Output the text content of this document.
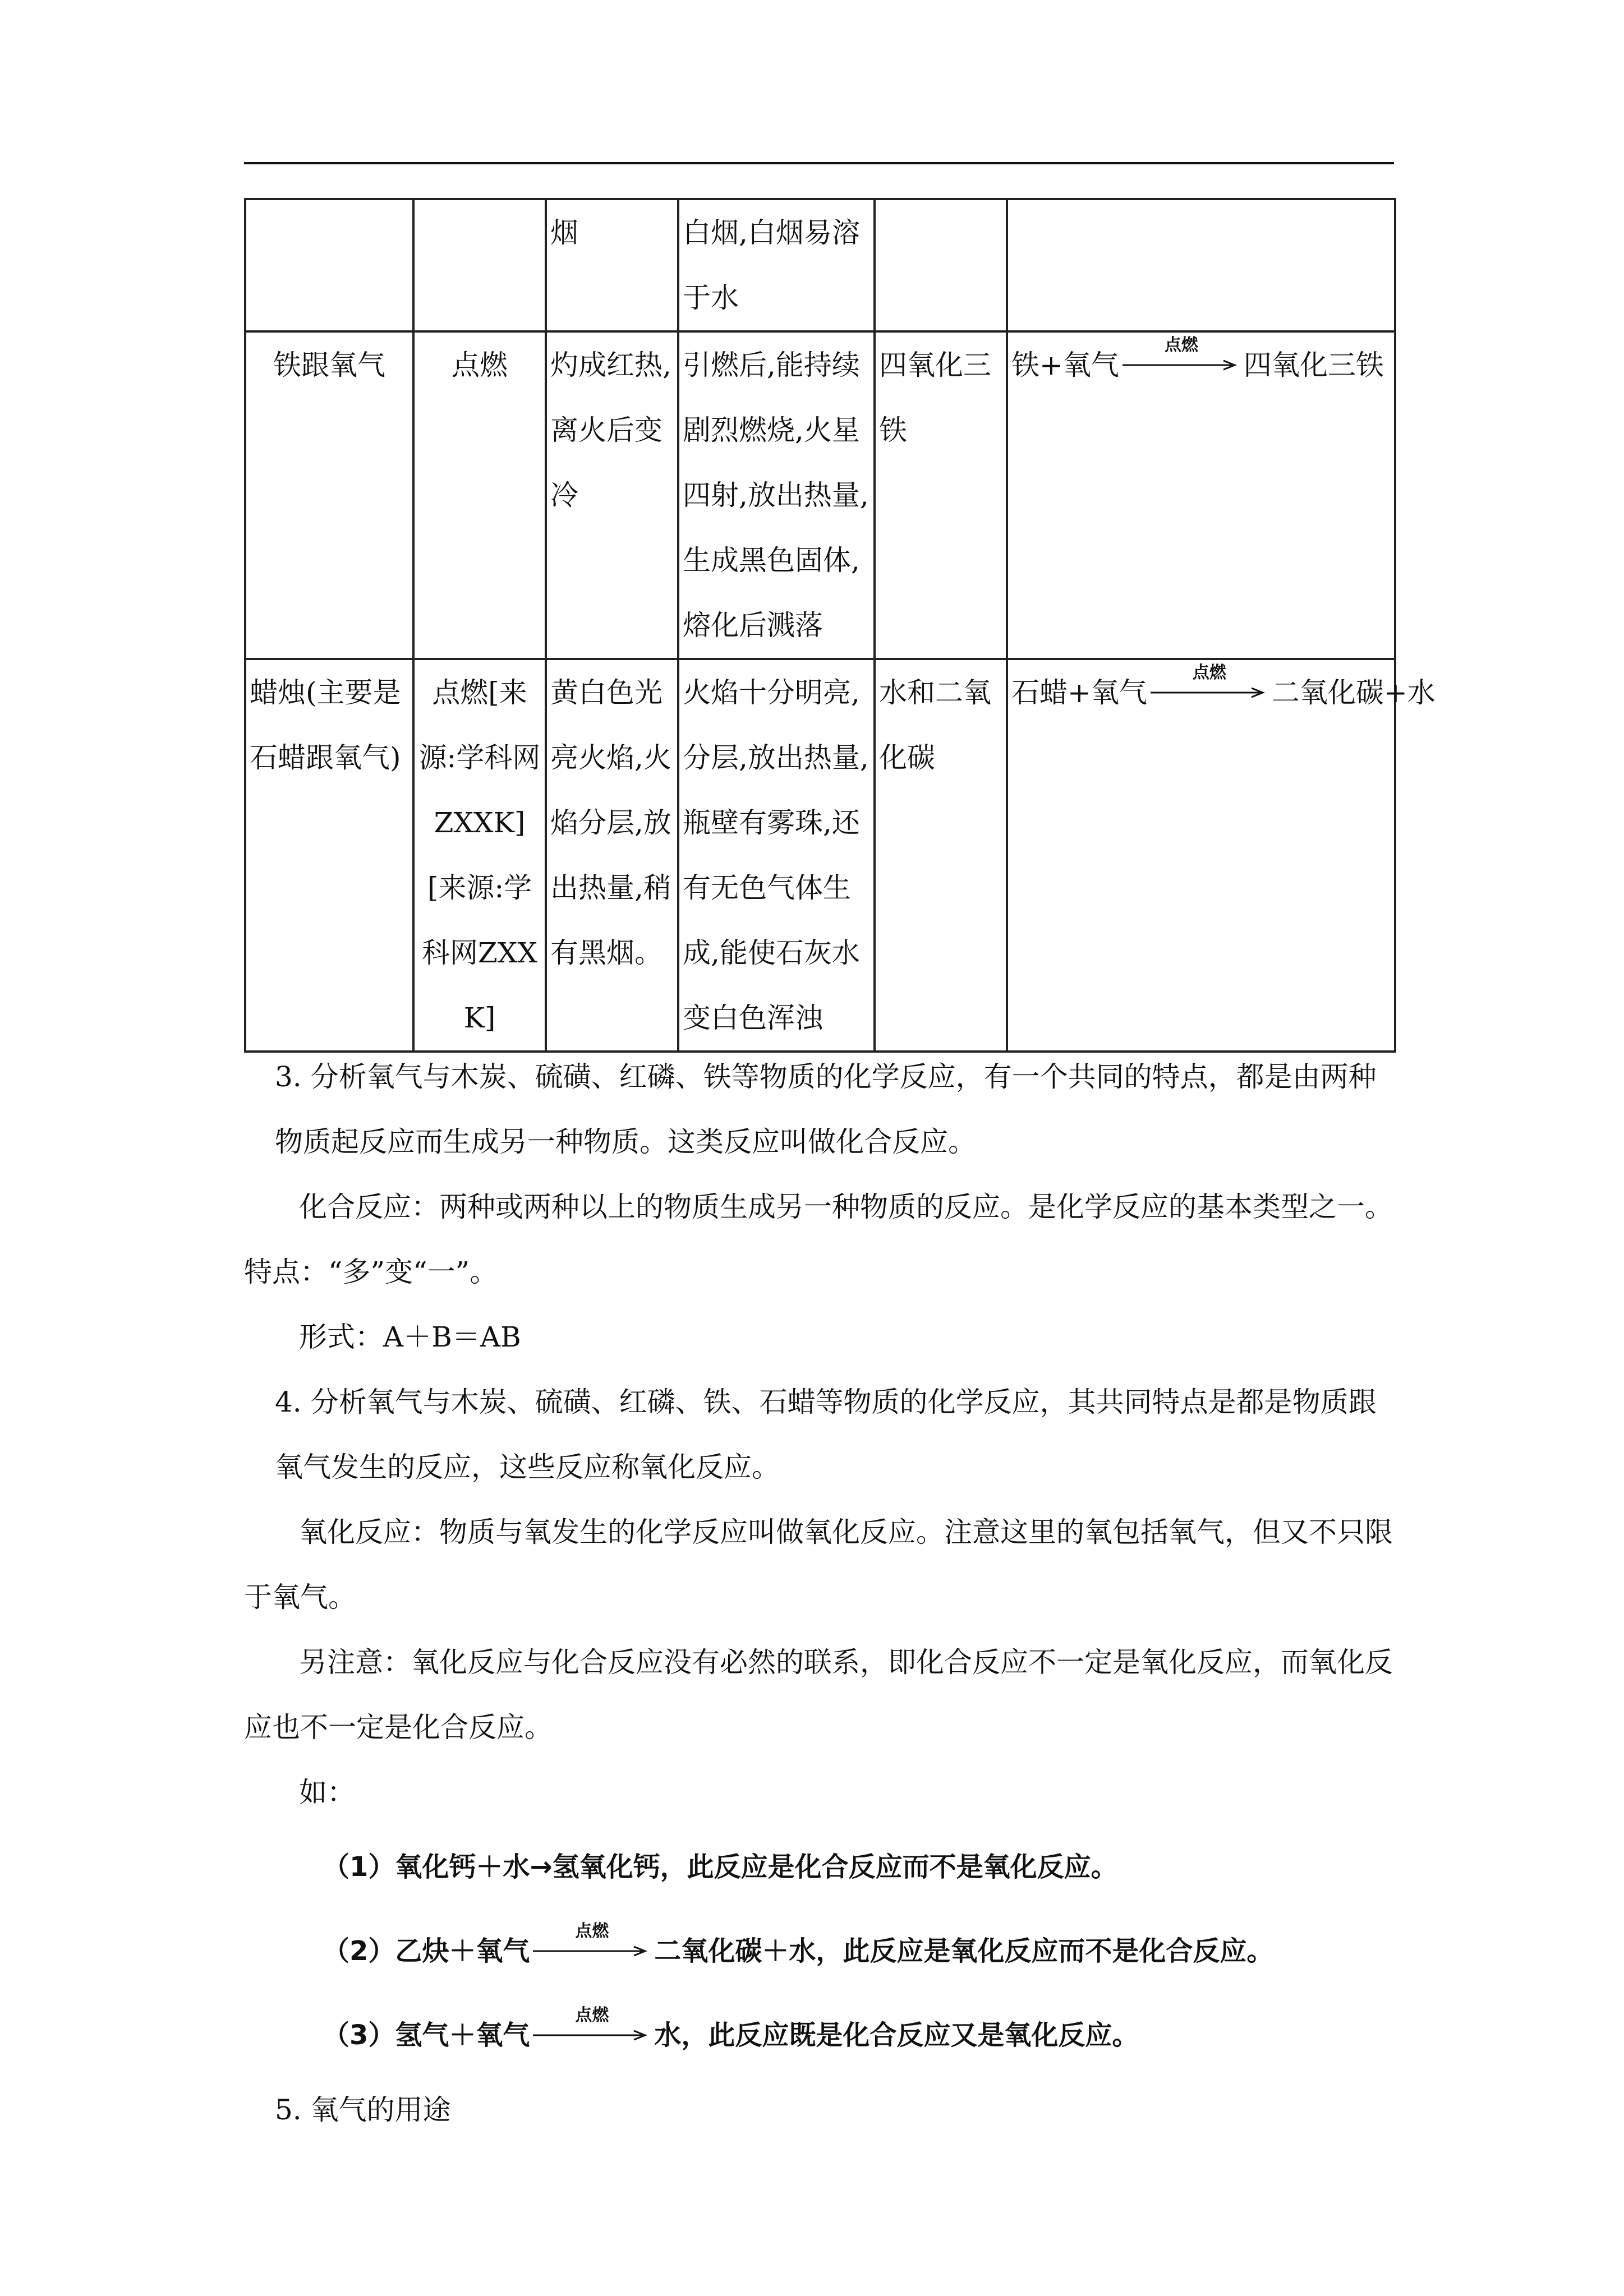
		烟	白烟,白烟易溶于水		
铁跟氧气	点燃	灼成红热,离火后变冷	引燃后,能持续剧烈燃烧,火星四射,放出热量,生成黑色固体,熔化后溅落	四氧化三铁	铁+氧气
点燃
四氧化三铁

蜡烛(主要是石蜡跟氧气)	点燃[来源:学科网ZXXK][来源:学科网ZXXK]	黄白色光亮火焰,火焰分层,放出热量,稍有黑烟。	火焰十分明亮,分层,放出热量,瓶壁有雾珠,还有无色气体生成,能使石灰水变白色浑浊	水和二氧化碳	石蜡+氧气
点燃
二氧化碳+水

3. 分析氧气与木炭、硫磺、红磷、铁等物质的化学反应，有一个共同的特点，都是由两种物质起反应而生成另一种物质。这类反应叫做化合反应。

化合反应：两种或两种以上的物质生成另一种物质的反应。是化学反应的基本类型之一。特点：“多”变“一”。

形式：A＋B＝AB

4. 分析氧气与木炭、硫磺、红磷、铁、石蜡等物质的化学反应，其共同特点是都是物质跟氧气发生的反应，这些反应称氧化反应。

氧化反应：物质与氧发生的化学反应叫做氧化反应。注意这里的氧包括氧气，但又不只限于氧气。

另注意：氧化反应与化合反应没有必然的联系，即化合反应不一定是氧化反应，而氧化反应也不一定是化合反应。

如：

（1） 氧化钙＋水 → 氢氧化钙，此反应是化合反应而不是氧化反应。
（2） 乙炔＋氧气
点燃
二氧化碳＋水，此反应是氧化反应而不是化合反应。
（3） 氢气＋氧气
点燃
水，此反应既是化合反应又是氧化反应。

5. 氧气的用途
